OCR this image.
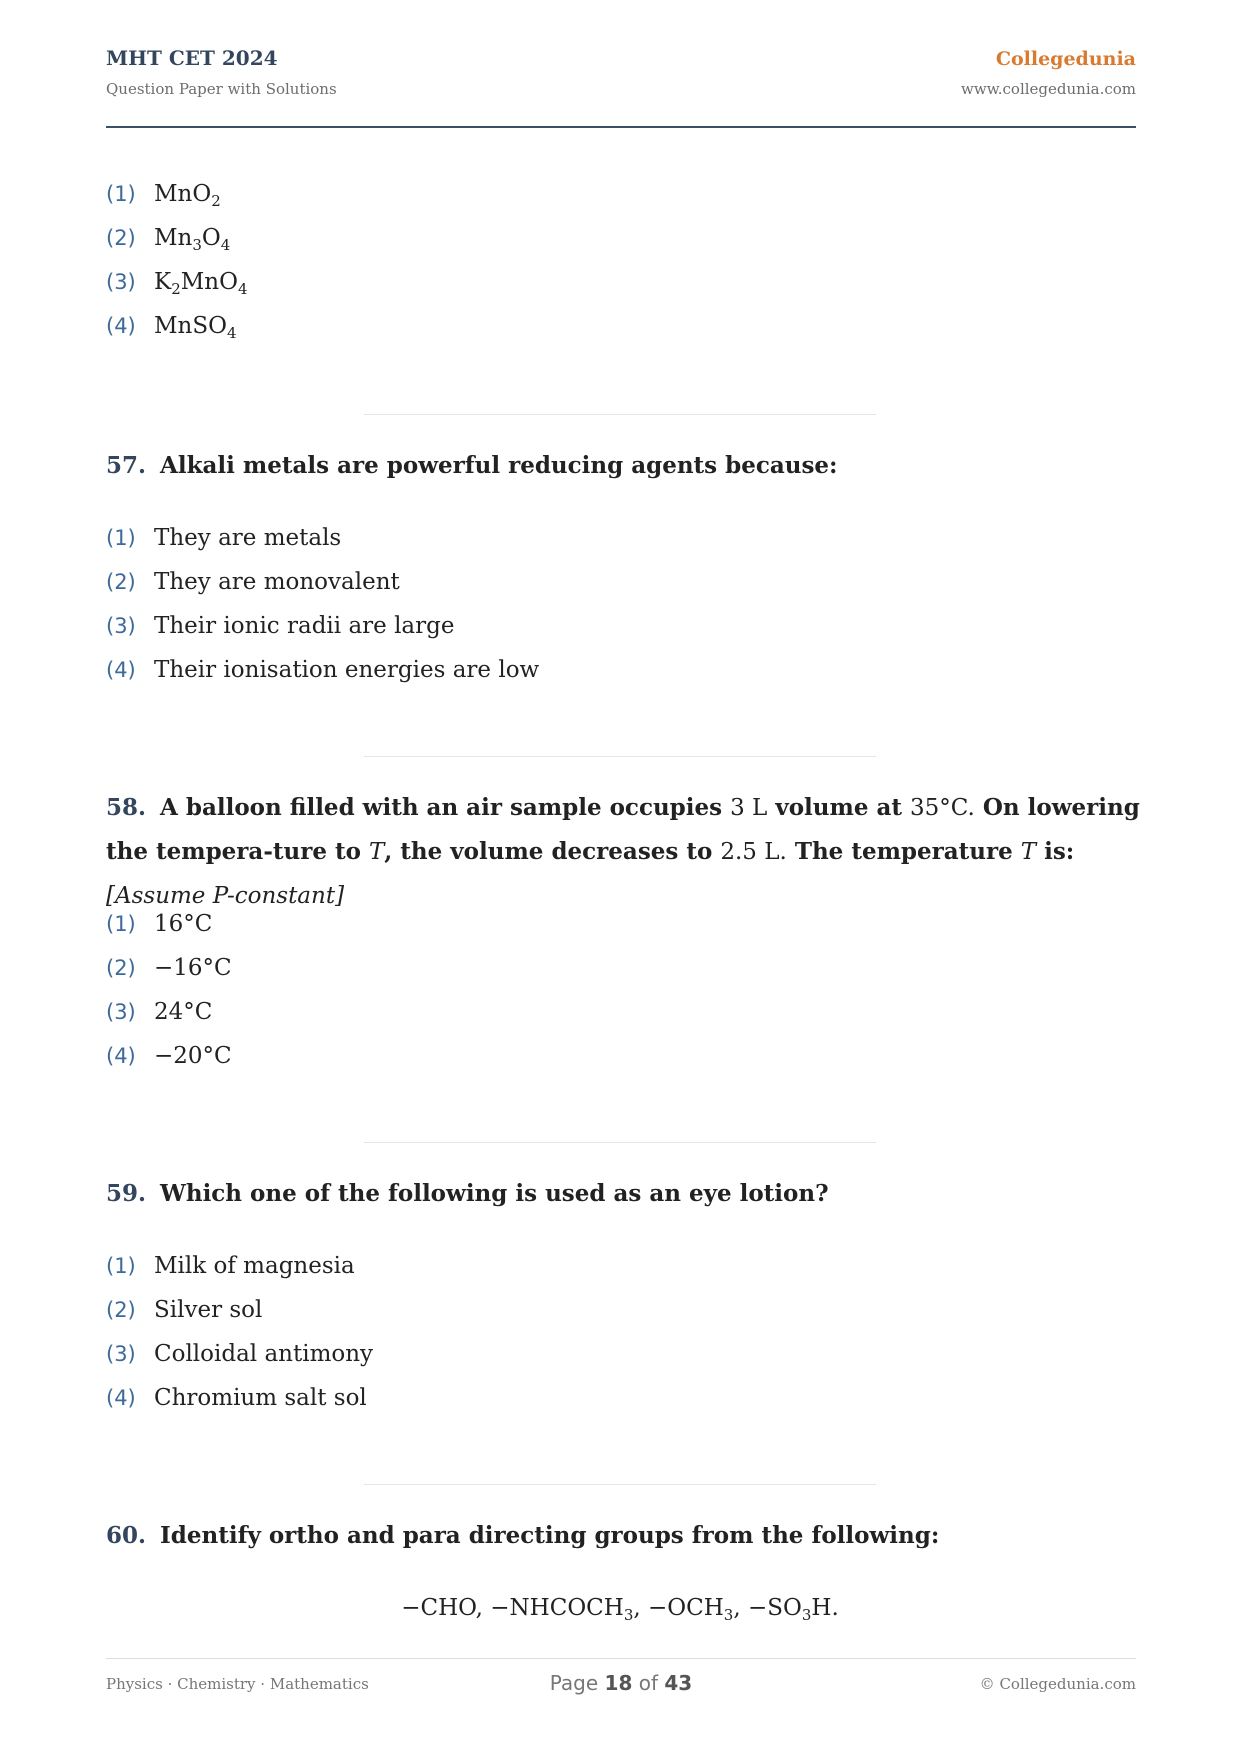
MHT CET 2024
Question Paper with Solutions
Collegedunia
www.collegedunia.com
(1) MnO$_2$
(2) $Mn_3O_4$
(3) $K_2MnO_4$
(4) MnSO$_4$
57. Alkali metals are powerful reducing agents because:
(1) They are metals
(2) They are monovalent
(3) Their ionic radii are large
(4) Their ionisation energies are low
58. A balloon filled with an air sample occupies 3 L volume at 35°C. On lowering the tempera-ture to T, the volume decreases to 2.5 L. The temperature T is: [Assume P-constant]
(1) 16°C
(2) −16°C
(3) 24°C
(4) −20°C
59. Which one of the following is used as an eye lotion?
(1) Milk of magnesia
(2) Silver sol
(3) Colloidal antimony
(4) Chromium salt sol
60. Identify ortho and para directing groups from the following:
−CHO, $-NHCOCH_3$, $-OCH_3$, $-SO_3H$.
Physics · Chemistry · Mathematics	Page 18 of 43	© Collegedunia.com
